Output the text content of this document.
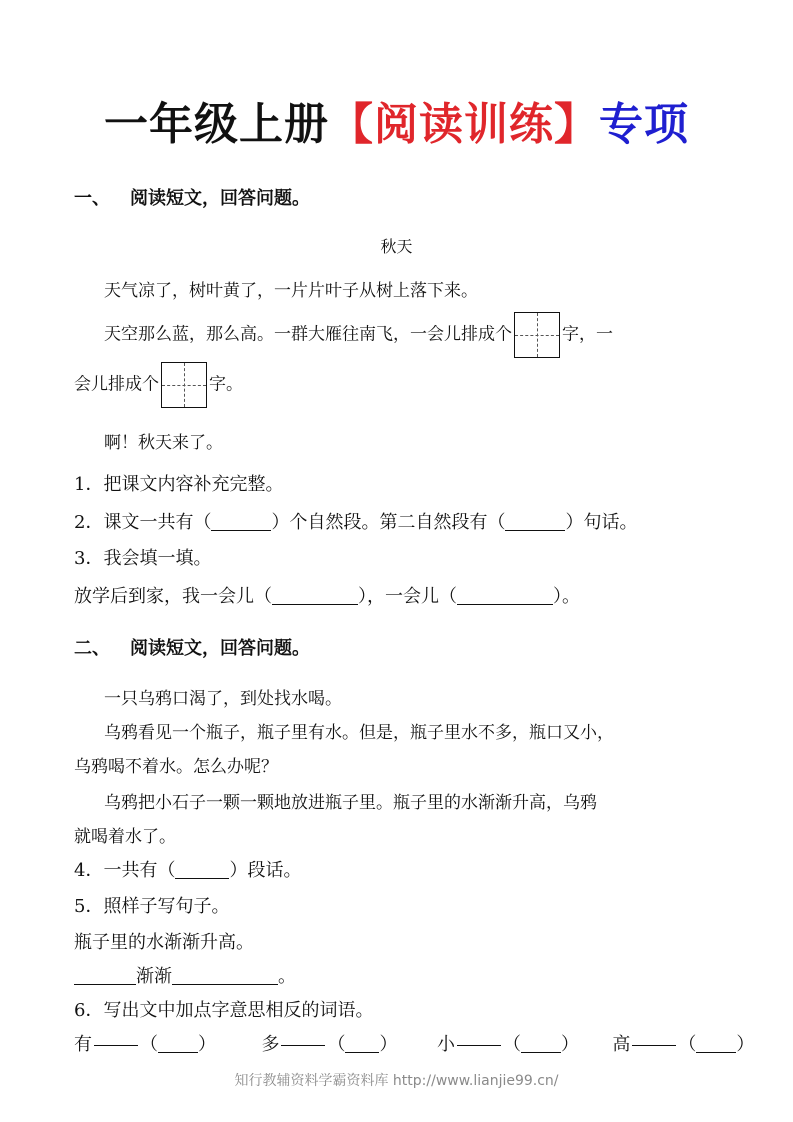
一年级上册【阅读训练】专项
一、 阅读短文，回答问题。
秋天
天气凉了，树叶黄了，一片片叶子从树上落下来。
天空那么蓝，那么高。一群大雁往南飞，一会儿排成个	字，一
会儿排成个	字。
啊！秋天来了。
1．把课文内容补充完整。
2．课文一共有（	）个自然段。第二自然段有（	）句话。
3．我会填一填。
放学后到家，我一会儿（	），一会儿（	）。
二、 阅读短文，回答问题。
一只乌鸦口渴了，到处找水喝。
乌鸦看见一个瓶子，瓶子里有水。但是，瓶子里水不多，瓶口又小，
乌鸦喝不着水。怎么办呢？
乌鸦把小石子一颗一颗地放进瓶子里。瓶子里的水渐渐升高，乌鸦
就喝着水了。
4．一共有（	）段话。
5．照样子写句子。
瓶子里的水渐渐升高。
渐渐	。
6．写出文中加点字意思相反的词语。
有	（ ）	多	（ ） 小	（ ） 高	（ ）
知行教辅资料学霸资料库 http://www.lianjie99.cn/
